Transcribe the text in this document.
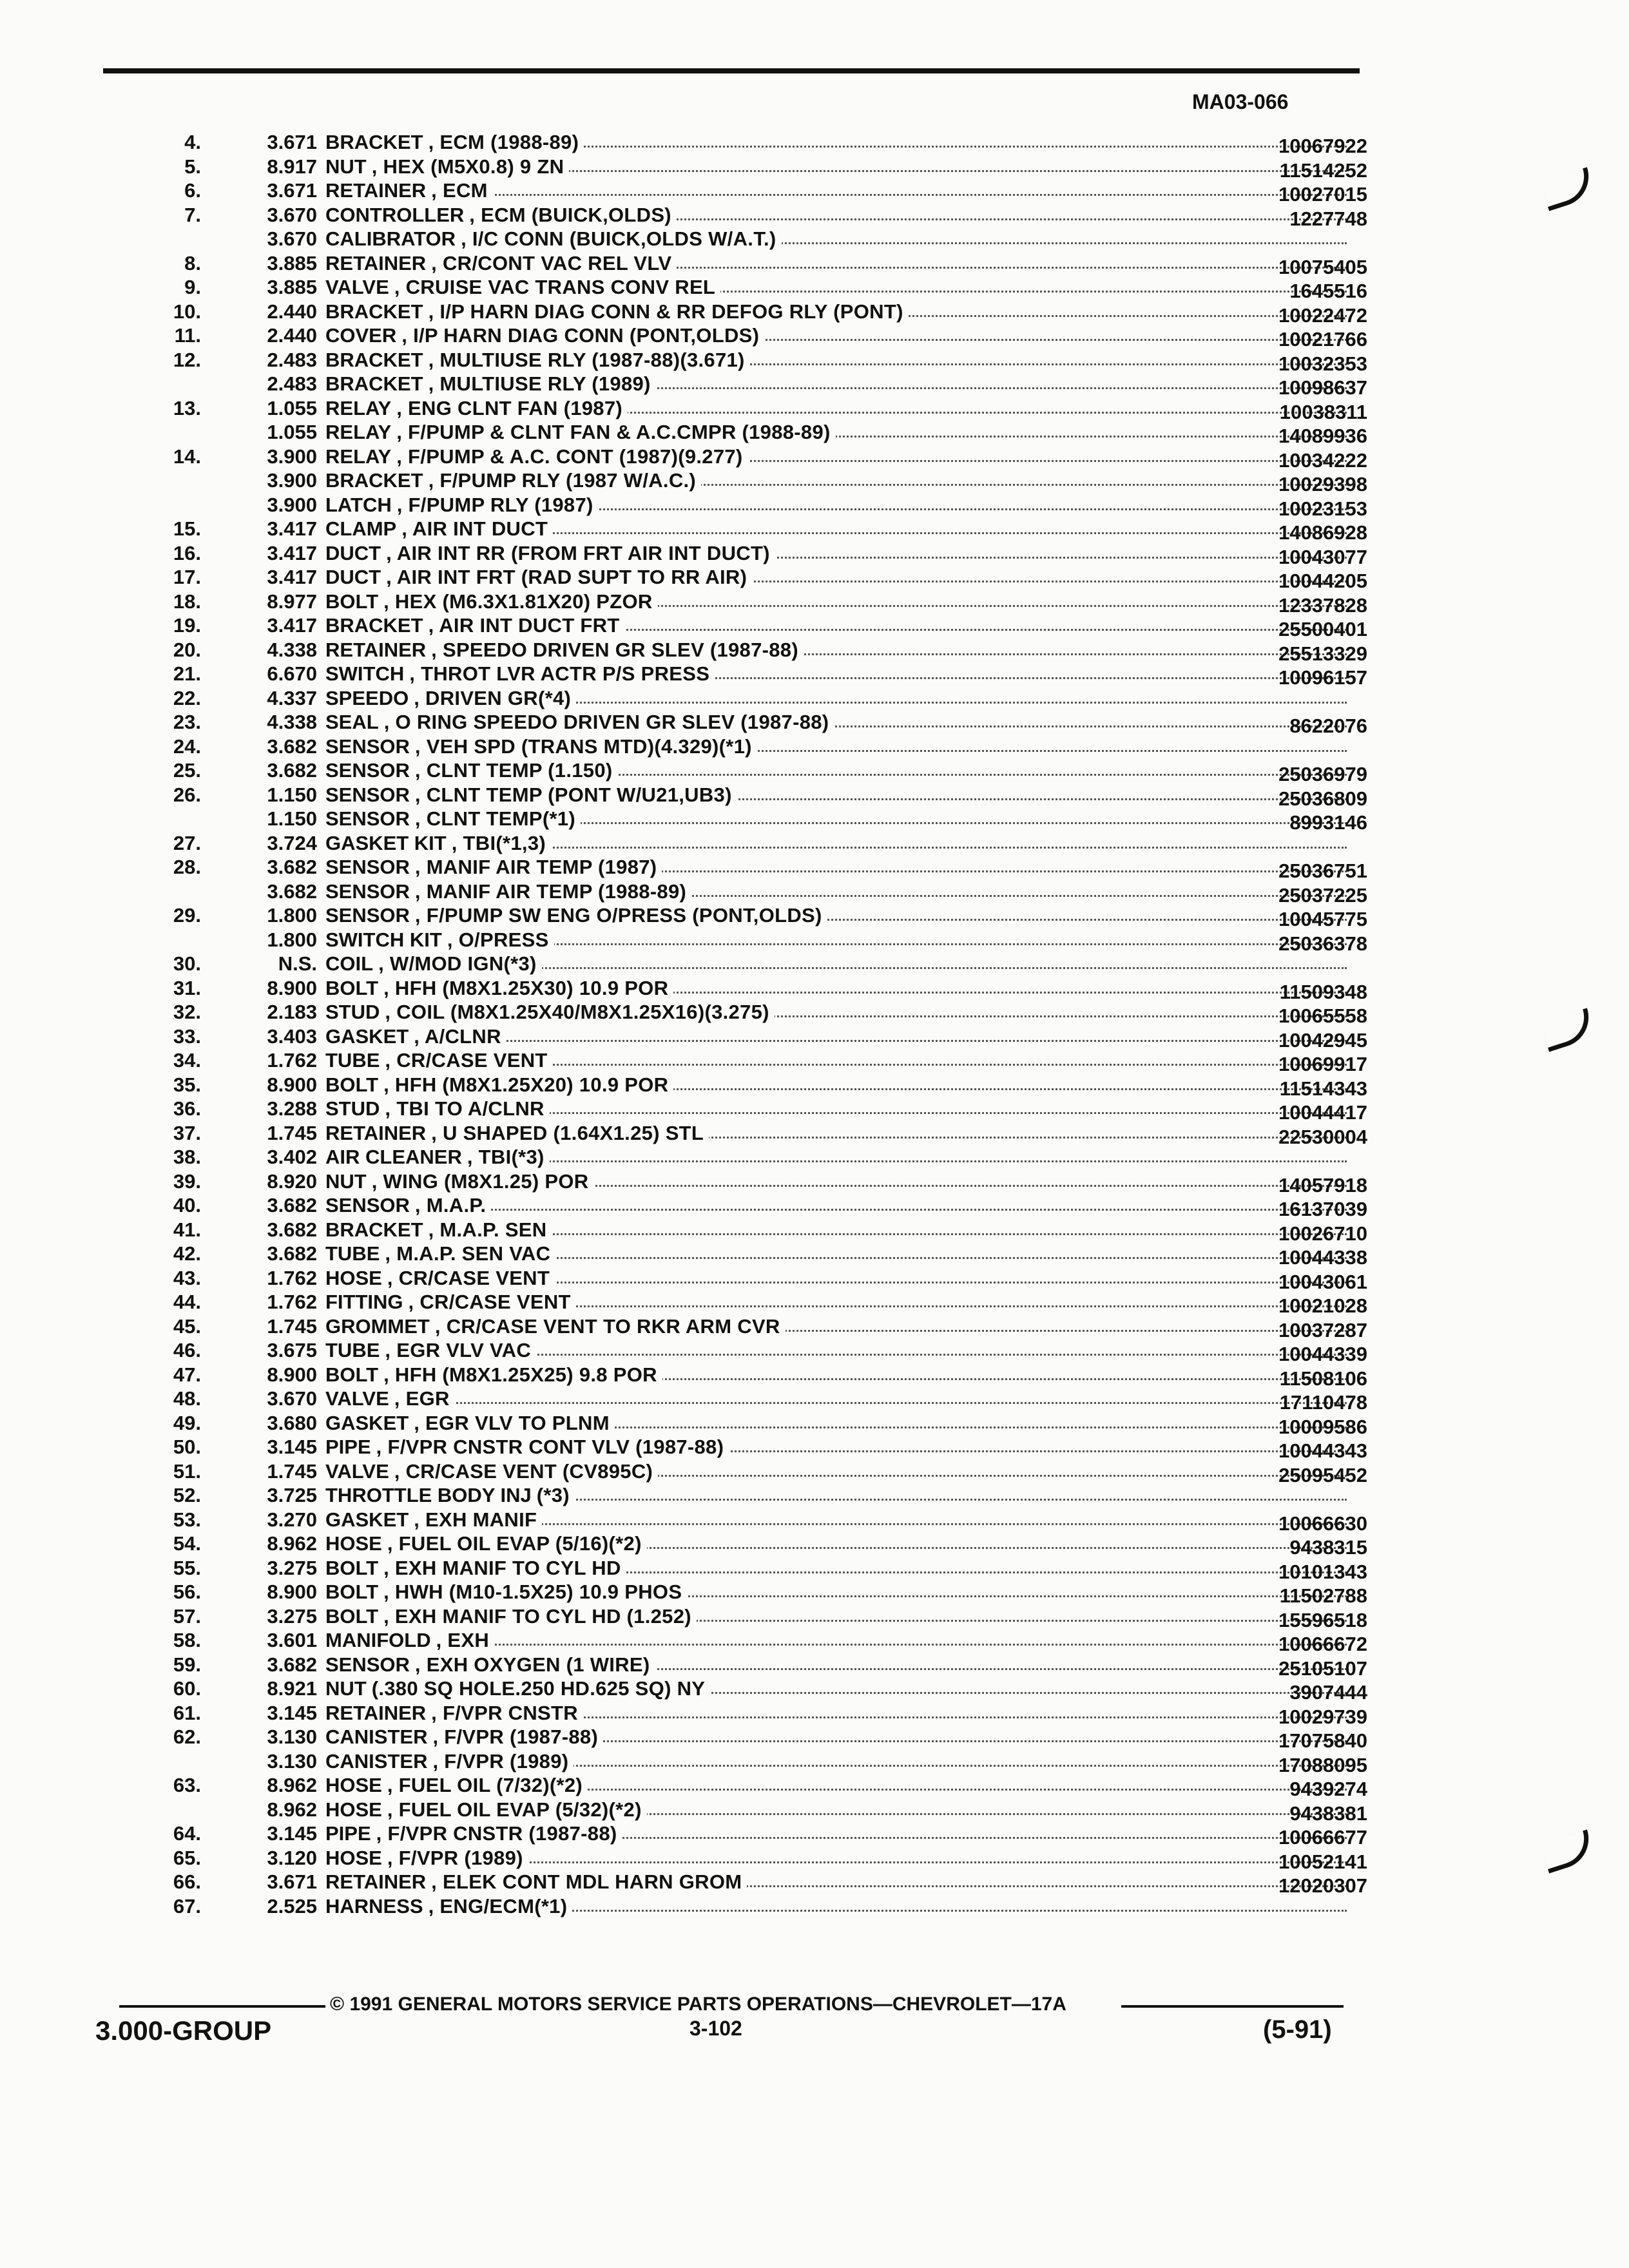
MA03-066
4.	3.671 BRACKET , ECM (1988-89)	10067922
5.	8.917 NUT , HEX (M5X0.8) 9 ZN	11514252
6.	3.671 RETAINER , ECM	10027015
7.	3.670 CONTROLLER , ECM (BUICK,OLDS)	1227748
3.670 CALIBRATOR , I/C CONN (BUICK,OLDS W/A.T.)
8.	3.885 RETAINER , CR/CONT VAC REL VLV	10075405
9.	3.885 VALVE , CRUISE VAC TRANS CONV REL	1645516
10.	2.440 BRACKET , I/P HARN DIAG CONN & RR DEFOG RLY (PONT)	10022472
11.	2.440 COVER , I/P HARN DIAG CONN (PONT,OLDS)	10021766
12.	2.483 BRACKET , MULTIUSE RLY (1987-88)(3.671)	10032353
2.483 BRACKET , MULTIUSE RLY (1989)	10098637
13.	1.055 RELAY , ENG CLNT FAN (1987)	10038311
1.055 RELAY , F/PUMP & CLNT FAN & A.C.CMPR (1988-89)	14089936
14.	3.900 RELAY , F/PUMP & A.C. CONT (1987)(9.277)	10034222
3.900 BRACKET , F/PUMP RLY (1987 W/A.C.)	10029398
3.900 LATCH , F/PUMP RLY (1987)	10023153
15.	3.417 CLAMP , AIR INT DUCT	14086928
16.	3.417 DUCT , AIR INT RR (FROM FRT AIR INT DUCT)	10043077
17.	3.417 DUCT , AIR INT FRT (RAD SUPT TO RR AIR)	10044205
18.	8.977 BOLT , HEX (M6.3X1.81X20) PZOR	12337828
19.	3.417 BRACKET , AIR INT DUCT FRT	25500401
20.	4.338 RETAINER , SPEEDO DRIVEN GR SLEV (1987-88)	25513329
21.	6.670 SWITCH , THROT LVR ACTR P/S PRESS	10096157
22.	4.337 SPEEDO , DRIVEN GR(*4)
23.	4.338 SEAL , O RING SPEEDO DRIVEN GR SLEV (1987-88)	8622076
24.	3.682 SENSOR , VEH SPD (TRANS MTD)(4.329)(*1)
25.	3.682 SENSOR , CLNT TEMP (1.150)	25036979
26.	1.150 SENSOR , CLNT TEMP (PONT W/U21,UB3)	25036809
1.150 SENSOR , CLNT TEMP(*1)	8993146
27.	3.724 GASKET KIT , TBI(*1,3)
28.	3.682 SENSOR , MANIF AIR TEMP (1987)	25036751
3.682 SENSOR , MANIF AIR TEMP (1988-89)	25037225
29.	1.800 SENSOR , F/PUMP SW ENG O/PRESS (PONT,OLDS)	10045775
1.800 SWITCH KIT , O/PRESS	25036378
30.	N.S. COIL , W/MOD IGN(*3)
31.	8.900 BOLT , HFH (M8X1.25X30) 10.9 POR	11509348
32.	2.183 STUD , COIL (M8X1.25X40/M8X1.25X16)(3.275)	10065558
33.	3.403 GASKET , A/CLNR	10042945
34.	1.762 TUBE , CR/CASE VENT	10069917
35.	8.900 BOLT , HFH (M8X1.25X20) 10.9 POR	11514343
36.	3.288 STUD , TBI TO A/CLNR	10044417
37.	1.745 RETAINER , U SHAPED (1.64X1.25) STL	22530004
38.	3.402 AIR CLEANER , TBI(*3)
39.	8.920 NUT , WING (M8X1.25) POR	14057918
40.	3.682 SENSOR , M.A.P.	16137039
41.	3.682 BRACKET , M.A.P. SEN	10026710
42.	3.682 TUBE , M.A.P. SEN VAC	10044338
43.	1.762 HOSE , CR/CASE VENT	10043061
44.	1.762 FITTING , CR/CASE VENT	10021028
45.	1.745 GROMMET , CR/CASE VENT TO RKR ARM CVR	10037287
46.	3.675 TUBE , EGR VLV VAC	10044339
47.	8.900 BOLT , HFH (M8X1.25X25) 9.8 POR	11508106
48.	3.670 VALVE , EGR	17110478
49.	3.680 GASKET , EGR VLV TO PLNM	10009586
50.	3.145 PIPE , F/VPR CNSTR CONT VLV (1987-88)	10044343
51.	1.745 VALVE , CR/CASE VENT (CV895C)	25095452
52.	3.725 THROTTLE BODY INJ (*3)
53.	3.270 GASKET , EXH MANIF	10066630
54.	8.962 HOSE , FUEL OIL EVAP (5/16)(*2)	9438315
55.	3.275 BOLT , EXH MANIF TO CYL HD	10101343
56.	8.900 BOLT , HWH (M10-1.5X25) 10.9 PHOS	11502788
57.	3.275 BOLT , EXH MANIF TO CYL HD (1.252)	15596518
58.	3.601 MANIFOLD , EXH	10066672
59.	3.682 SENSOR , EXH OXYGEN (1 WIRE)	25105107
60.	8.921 NUT (.380 SQ HOLE.250 HD.625 SQ) NY	3907444
61.	3.145 RETAINER , F/VPR CNSTR	10029739
62.	3.130 CANISTER , F/VPR (1987-88)	17075840
3.130 CANISTER , F/VPR (1989)	17088095
63.	8.962 HOSE , FUEL OIL (7/32)(*2)	9439274
8.962 HOSE , FUEL OIL EVAP (5/32)(*2)	9438381
64.	3.145 PIPE , F/VPR CNSTR (1987-88)	10066677
65.	3.120 HOSE , F/VPR (1989)	10052141
66.	3.671 RETAINER , ELEK CONT MDL HARN GROM	12020307
67.	2.525 HARNESS , ENG/ECM(*1)
© 1991 GENERAL MOTORS SERVICE PARTS OPERATIONS—CHEVROLET—17A
3.000-GROUP	3-102	(5-91)
